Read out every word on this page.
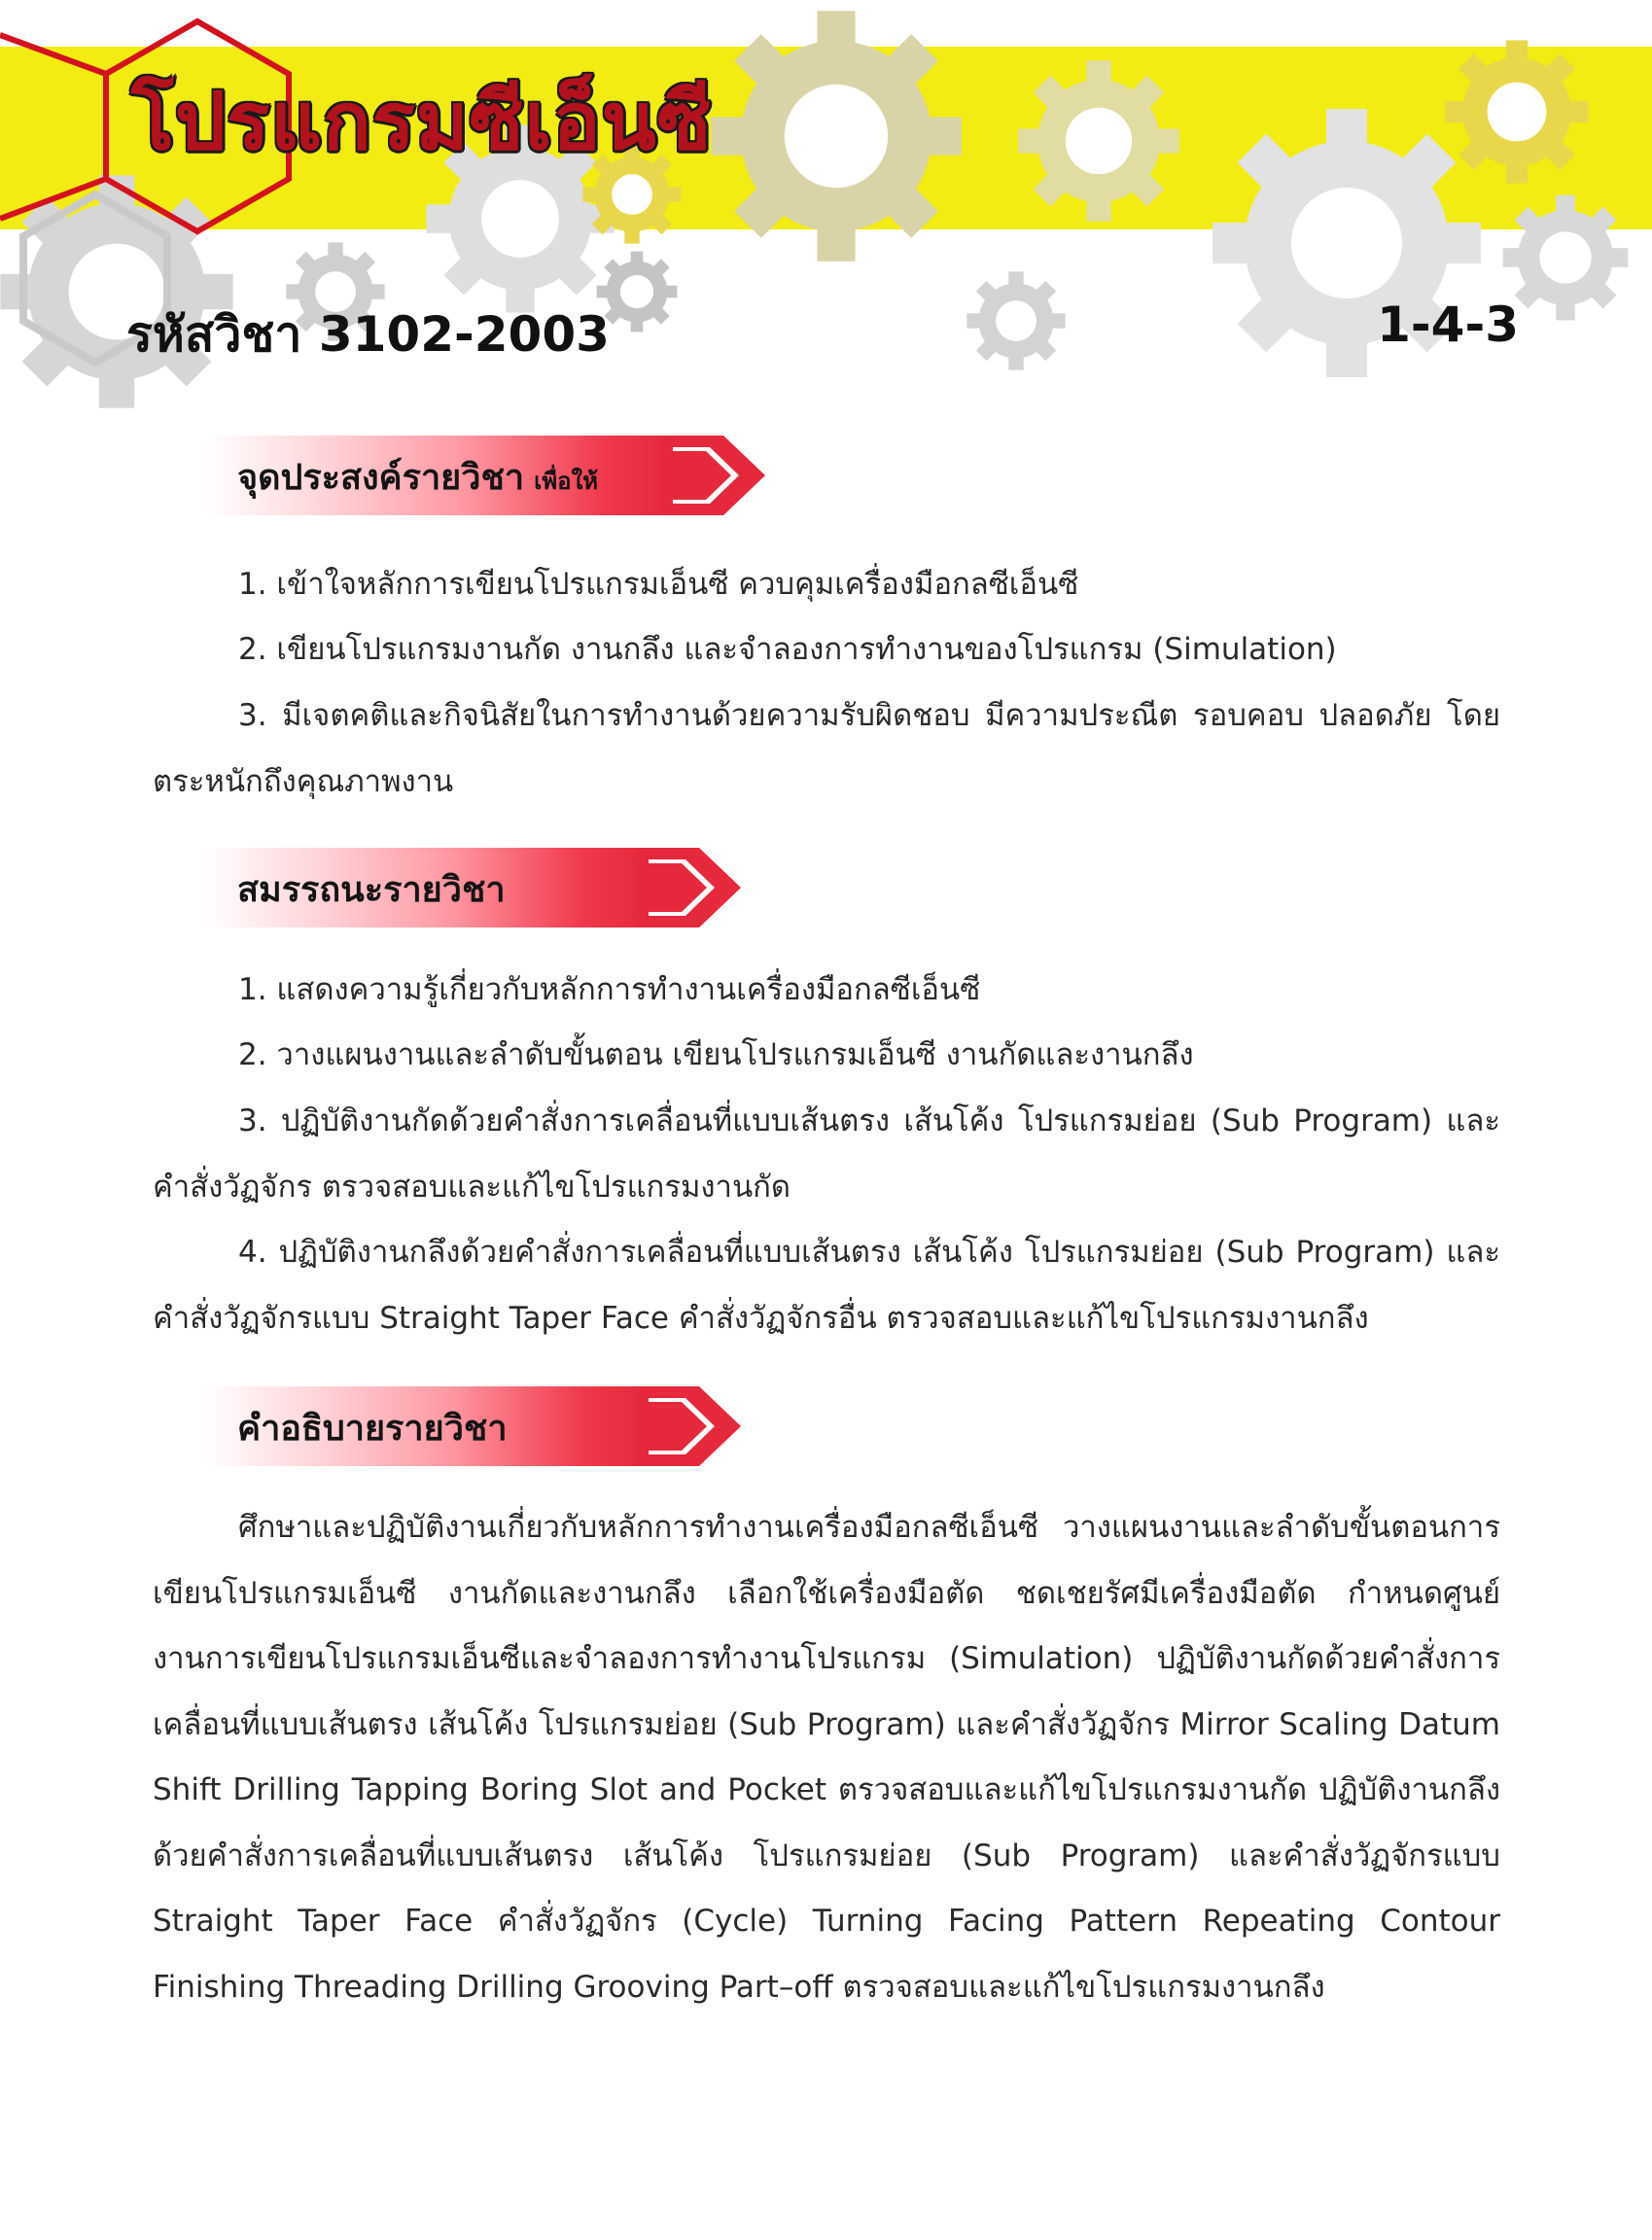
โปรแกรมซีเอ็นซี
รหัสวิชา 3102-2003	1-4-3
จุดประสงค์รายวิชา เพื่อให้

1. เข้าใจหลักการเขียนโปรแกรมเอ็นซี ควบคุมเครื่องมือกลซีเอ็นซี

2. เขียนโปรแกรมงานกัด งานกลึง และจำลองการทำงานของโปรแกรม (Simulation)

3. มีเจตคติและกิจนิสัยในการทำงานด้วยความรับผิดชอบ มีความประณีต รอบคอบ ปลอดภัย โดยตระหนักถึงคุณภาพงาน

สมรรถนะรายวิชา

1. แสดงความรู้เกี่ยวกับหลักการทำงานเครื่องมือกลซีเอ็นซี

2. วางแผนงานและลำดับขั้นตอน เขียนโปรแกรมเอ็นซี งานกัดและงานกลึง

3. ปฏิบัติงานกัดด้วยคำสั่งการเคลื่อนที่แบบเส้นตรง เส้นโค้ง โปรแกรมย่อย (Sub Program) และคำสั่งวัฏจักร ตรวจสอบและแก้ไขโปรแกรมงานกัด

4. ปฏิบัติงานกลึงด้วยคำสั่งการเคลื่อนที่แบบเส้นตรง เส้นโค้ง โปรแกรมย่อย (Sub Program) และคำสั่งวัฏจักรแบบ Straight Taper Face คำสั่งวัฏจักรอื่น ตรวจสอบและแก้ไขโปรแกรมงานกลึง

คำอธิบายรายวิชา

ศึกษาและปฏิบัติงานเกี่ยวกับหลักการทำงานเครื่องมือกลซีเอ็นซี วางแผนงานและลำดับขั้นตอนการเขียนโปรแกรมเอ็นซี งานกัดและงานกลึง เลือกใช้เครื่องมือตัด ชดเชยรัศมีเครื่องมือตัด กำหนดศูนย์งานการเขียนโปรแกรมเอ็นซีและจำลองการทำงานโปรแกรม (Simulation) ปฏิบัติงานกัดด้วยคำสั่งการเคลื่อนที่แบบเส้นตรง เส้นโค้ง โปรแกรมย่อย (Sub Program) และคำสั่งวัฏจักร Mirror Scaling Datum Shift Drilling Tapping Boring Slot and Pocket ตรวจสอบและแก้ไขโปรแกรมงานกัด ปฏิบัติงานกลึงด้วยคำสั่งการเคลื่อนที่แบบเส้นตรง เส้นโค้ง โปรแกรมย่อย (Sub Program) และคำสั่งวัฏจักรแบบ Straight Taper Face คำสั่งวัฏจักร (Cycle) Turning Facing Pattern Repeating Contour Finishing Threading Drilling Grooving Part–off ตรวจสอบและแก้ไขโปรแกรมงานกลึง
